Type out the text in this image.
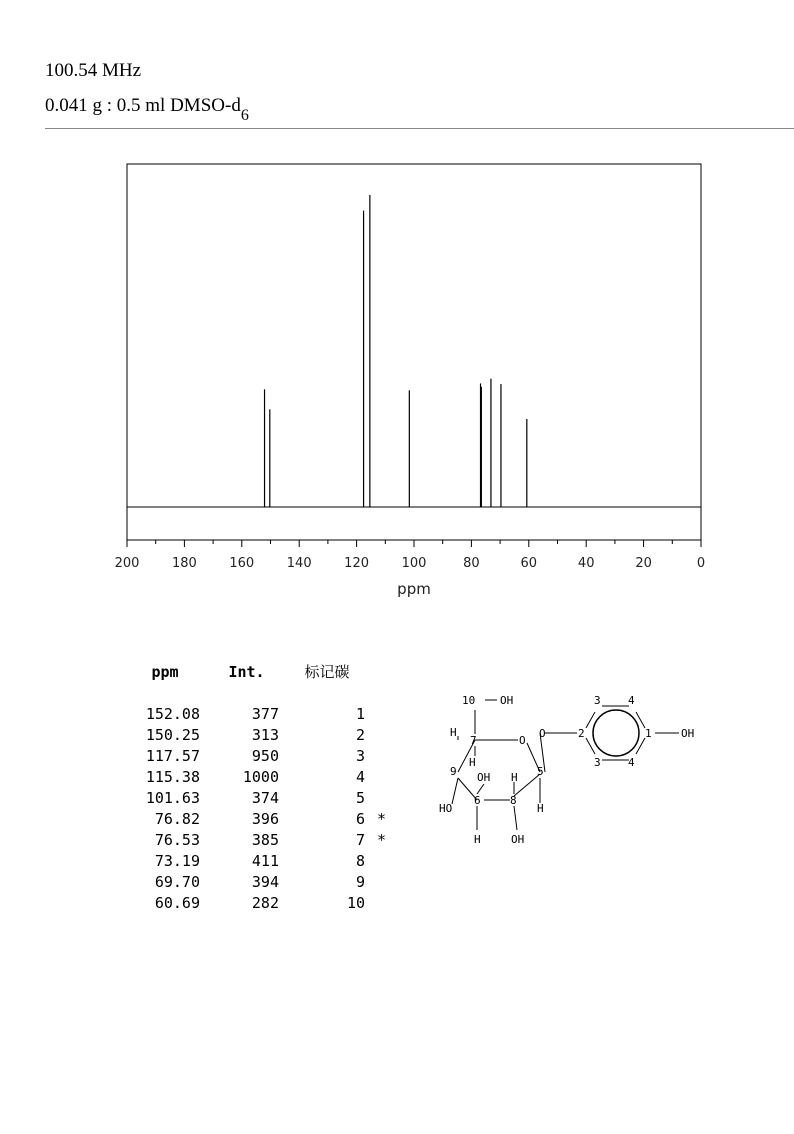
100.54 MHz
0.041 g : 0.5 ml DMSO-$d_6$
200	180	160	140	120	100	80	60	40	20	0
ppm
ppm	Int.	标记碳	

152.08	377	1	
150.25	313	2	
117.57	950	3	
115.38	1000	4	
101.63	374	5	
76.82	396	6	*
76.53	385	7	*
73.19	411	8	
69.70	394	9	
60.69	282	10	
10 OH
H
7	O
O	2
3 4
1	OH
3 4
H
9 OH H 5
HO
6	8
H
H	OH
